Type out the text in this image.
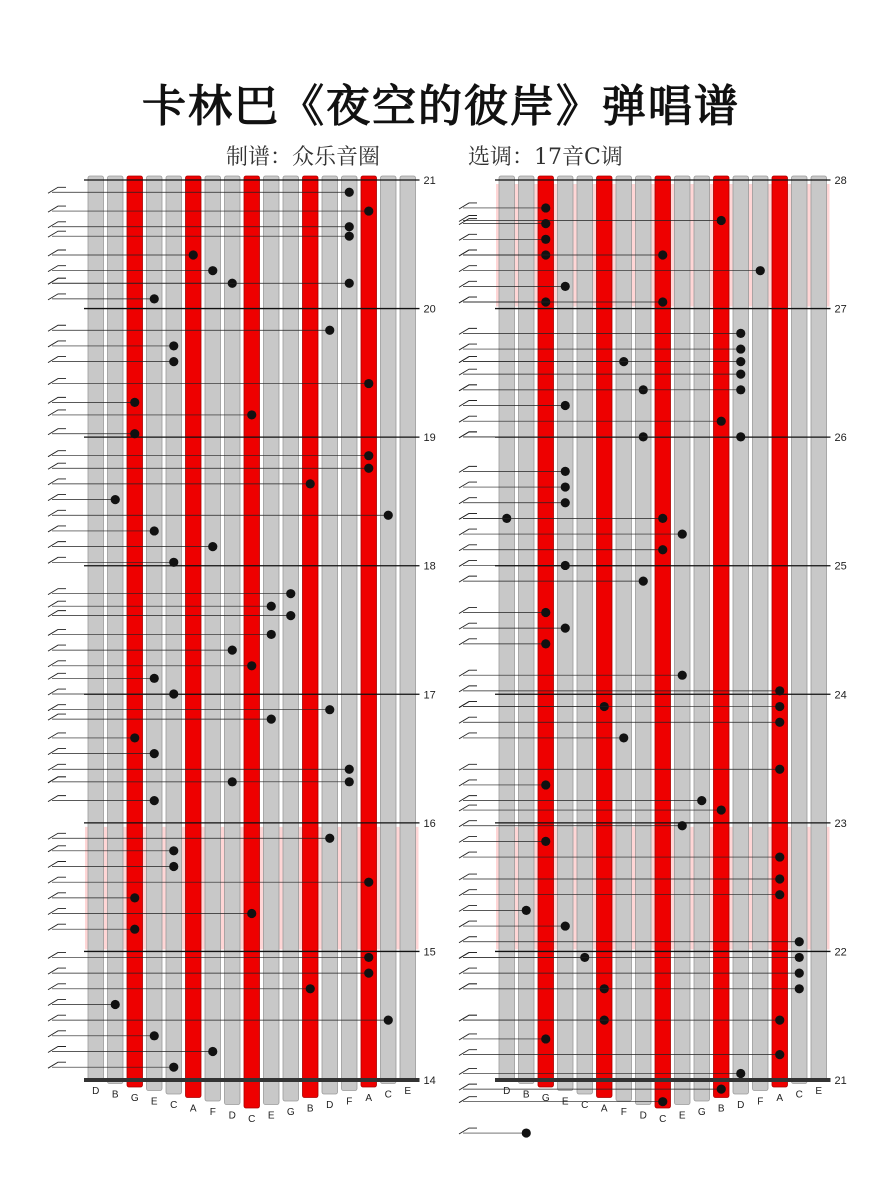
卡林巴《夜空的彼岸》弹唱谱
制谱：众乐音圈	选调：17音C调
D B G E C A F D C E G B D F A C E
21
20
19
18
17
16
15
14
D B G E C A F D C E G B D F A C E
28
27
26
25
24
23
22
21
